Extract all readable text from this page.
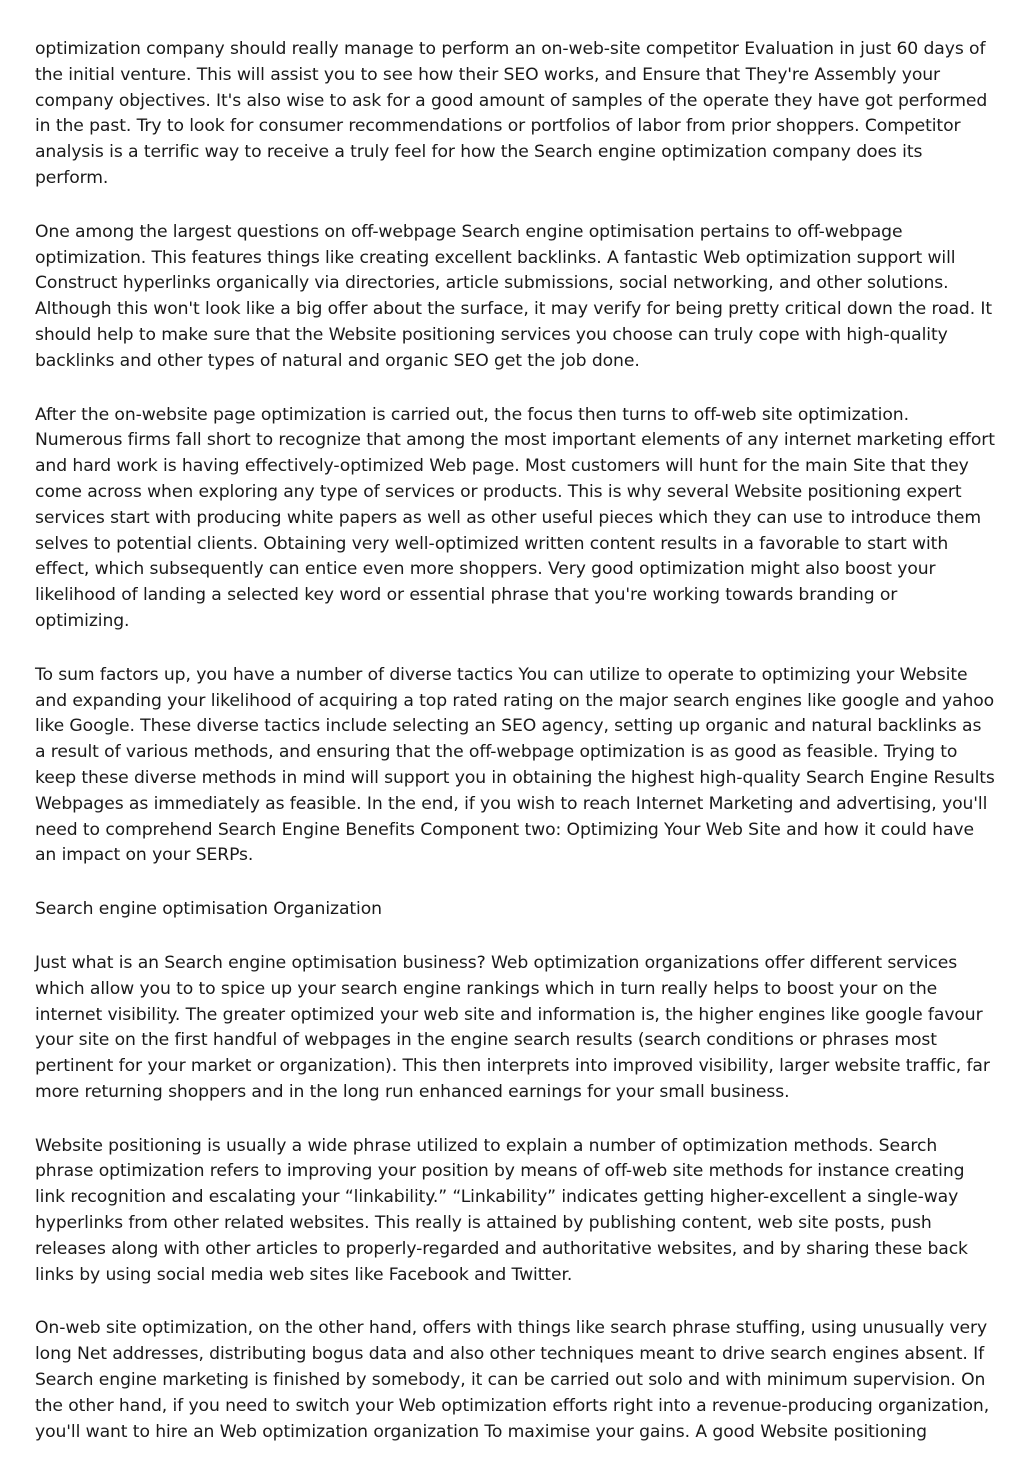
optimization company should really manage to perform an on-web-site competitor Evaluation in just 60 days of the initial venture. This will assist you to see how their SEO works, and Ensure that They're Assembly your company objectives. It's also wise to ask for a good amount of samples of the operate they have got performed in the past. Try to look for consumer recommendations or portfolios of labor from prior shoppers. Competitor analysis is a terrific way to receive a truly feel for how the Search engine optimization company does its perform.

One among the largest questions on off-webpage Search engine optimisation pertains to off-webpage optimization. This features things like creating excellent backlinks. A fantastic Web optimization support will Construct hyperlinks organically via directories, article submissions, social networking, and other solutions. Although this won't look like a big offer about the surface, it may verify for being pretty critical down the road. It should help to make sure that the Website positioning services you choose can truly cope with high-quality backlinks and other types of natural and organic SEO get the job done.

After the on-website page optimization is carried out, the focus then turns to off-web site optimization. Numerous firms fall short to recognize that among the most important elements of any internet marketing effort and hard work is having effectively-optimized Web page. Most customers will hunt for the main Site that they come across when exploring any type of services or products. This is why several Website positioning expert services start with producing white papers as well as other useful pieces which they can use to introduce them selves to potential clients. Obtaining very well-optimized written content results in a favorable to start with effect, which subsequently can entice even more shoppers. Very good optimization might also boost your likelihood of landing a selected key word or essential phrase that you're working towards branding or optimizing.

To sum factors up, you have a number of diverse tactics You can utilize to operate to optimizing your Website and expanding your likelihood of acquiring a top rated rating on the major search engines like google and yahoo like Google. These diverse tactics include selecting an SEO agency, setting up organic and natural backlinks as a result of various methods, and ensuring that the off-webpage optimization is as good as feasible. Trying to keep these diverse methods in mind will support you in obtaining the highest high-quality Search Engine Results Webpages as immediately as feasible. In the end, if you wish to reach Internet Marketing and advertising, you'll need to comprehend Search Engine Benefits Component two: Optimizing Your Web Site and how it could have an impact on your SERPs.

Search engine optimisation Organization

Just what is an Search engine optimisation business? Web optimization organizations offer different services which allow you to to spice up your search engine rankings which in turn really helps to boost your on the internet visibility. The greater optimized your web site and information is, the higher engines like google favour your site on the first handful of webpages in the engine search results (search conditions or phrases most pertinent for your market or organization). This then interprets into improved visibility, larger website traffic, far more returning shoppers and in the long run enhanced earnings for your small business.

Website positioning is usually a wide phrase utilized to explain a number of optimization methods. Search phrase optimization refers to improving your position by means of off-web site methods for instance creating link recognition and escalating your “linkability.” “Linkability” indicates getting higher-excellent a single-way hyperlinks from other related websites. This really is attained by publishing content, web site posts, push releases along with other articles to properly-regarded and authoritative websites, and by sharing these back links by using social media web sites like Facebook and Twitter.

On-web site optimization, on the other hand, offers with things like search phrase stuffing, using unusually very long Net addresses, distributing bogus data and also other techniques meant to drive search engines absent. If Search engine marketing is finished by somebody, it can be carried out solo and with minimum supervision. On the other hand, if you need to switch your Web optimization efforts right into a revenue-producing organization, you'll want to hire an Web optimization organization To maximise your gains. A good Website positioning
